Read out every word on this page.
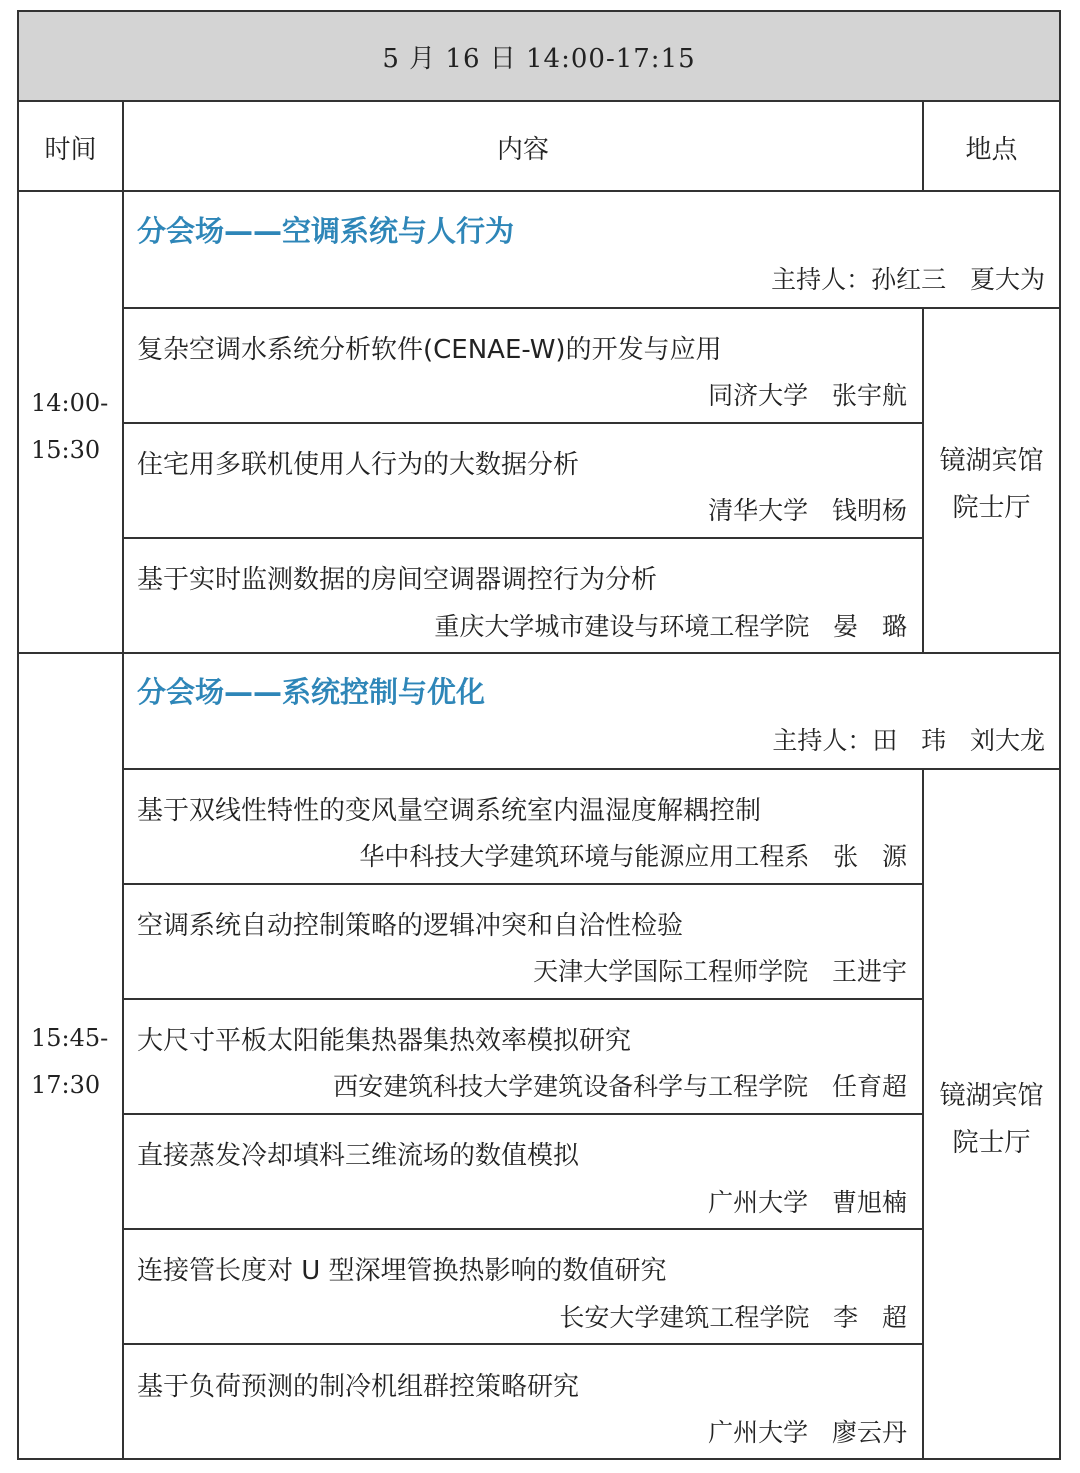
5 月 16 日 14:00-17:15
时间	内容	地点
14:00-
15:30
分会场——空调系统与人行为
主持人：孙红三   夏大为
镜湖宾馆
院士厅
复杂空调水系统分析软件(CENAE-W)的开发与应用
同济大学   张宇航
住宅用多联机使用人行为的大数据分析
清华大学   钱明杨
基于实时监测数据的房间空调器调控行为分析
重庆大学城市建设与环境工程学院   晏   璐
15:45-
17:30
分会场——系统控制与优化
主持人：田   玮   刘大龙
镜湖宾馆
院士厅
基于双线性特性的变风量空调系统室内温湿度解耦控制
华中科技大学建筑环境与能源应用工程系   张   源
空调系统自动控制策略的逻辑冲突和自洽性检验
天津大学国际工程师学院   王进宇
大尺寸平板太阳能集热器集热效率模拟研究
西安建筑科技大学建筑设备科学与工程学院   任育超
直接蒸发冷却填料三维流场的数值模拟
广州大学   曹旭楠
连接管长度对 U 型深埋管换热影响的数值研究
长安大学建筑工程学院   李   超
基于负荷预测的制冷机组群控策略研究
广州大学   廖云丹
